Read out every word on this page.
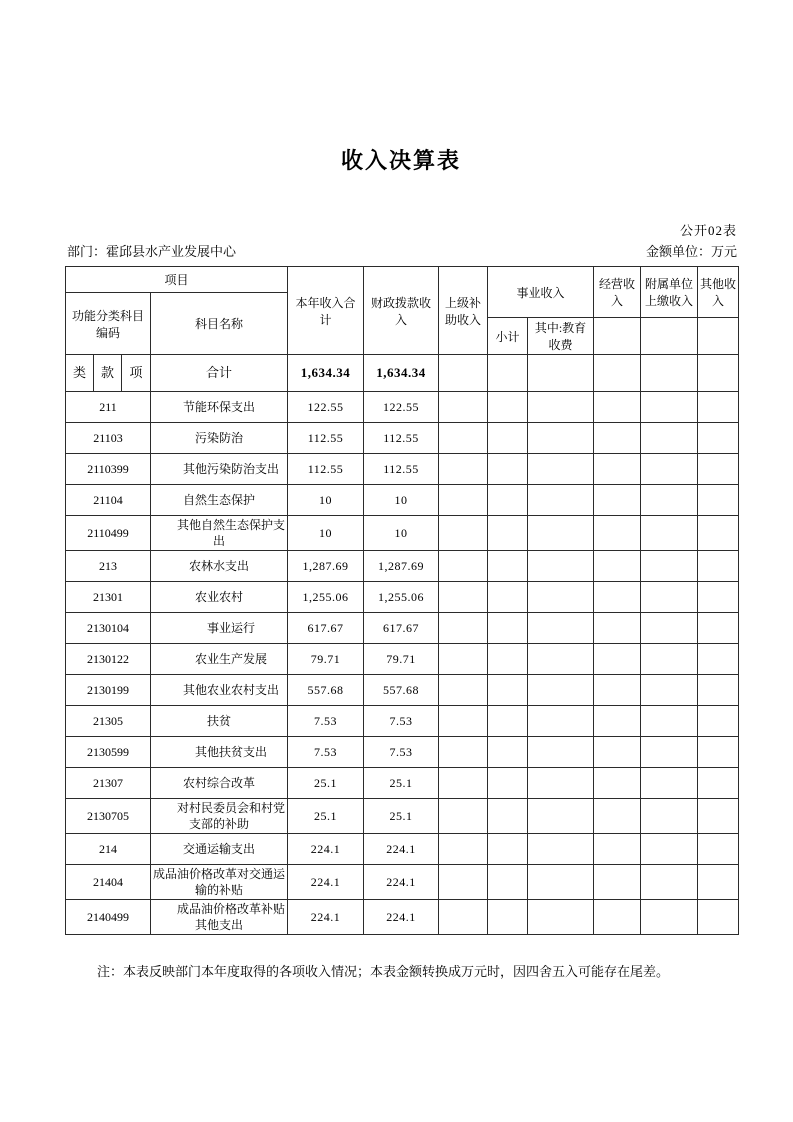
收入决算表
公开02表
部门：霍邱县水产业发展中心	金额单位：万元
项目				本年收入合计	财政拨款收入	上级补助收入	事业收入		经营收入	附属单位上缴收入	其他收入
功能分类科目编码			科目名称								
							小计	其中:教育收费			
类	款	项	合计	1,634.34	1,634.34						
211			节能环保支出	122.55	122.55						
21103			污染防治	112.55	112.55						
2110399			其他污染防治支出	112.55	112.55						
21104			自然生态保护	10	10						
2110499			其他自然生态保护支出	10	10						
213			农林水支出	1,287.69	1,287.69						
21301			农业农村	1,255.06	1,255.06						
2130104			事业运行	617.67	617.67						
2130122			农业生产发展	79.71	79.71						
2130199			其他农业农村支出	557.68	557.68						
21305			扶贫	7.53	7.53						
2130599			其他扶贫支出	7.53	7.53						
21307			农村综合改革	25.1	25.1						
2130705			对村民委员会和村党支部的补助	25.1	25.1						
214			交通运输支出	224.1	224.1						
21404			成品油价格改革对交通运输的补贴	224.1	224.1						
2140499			成品油价格改革补贴其他支出	224.1	224.1						
注：本表反映部门本年度取得的各项收入情况；本表金额转换成万元时，因四舍五入可能存在尾差。
